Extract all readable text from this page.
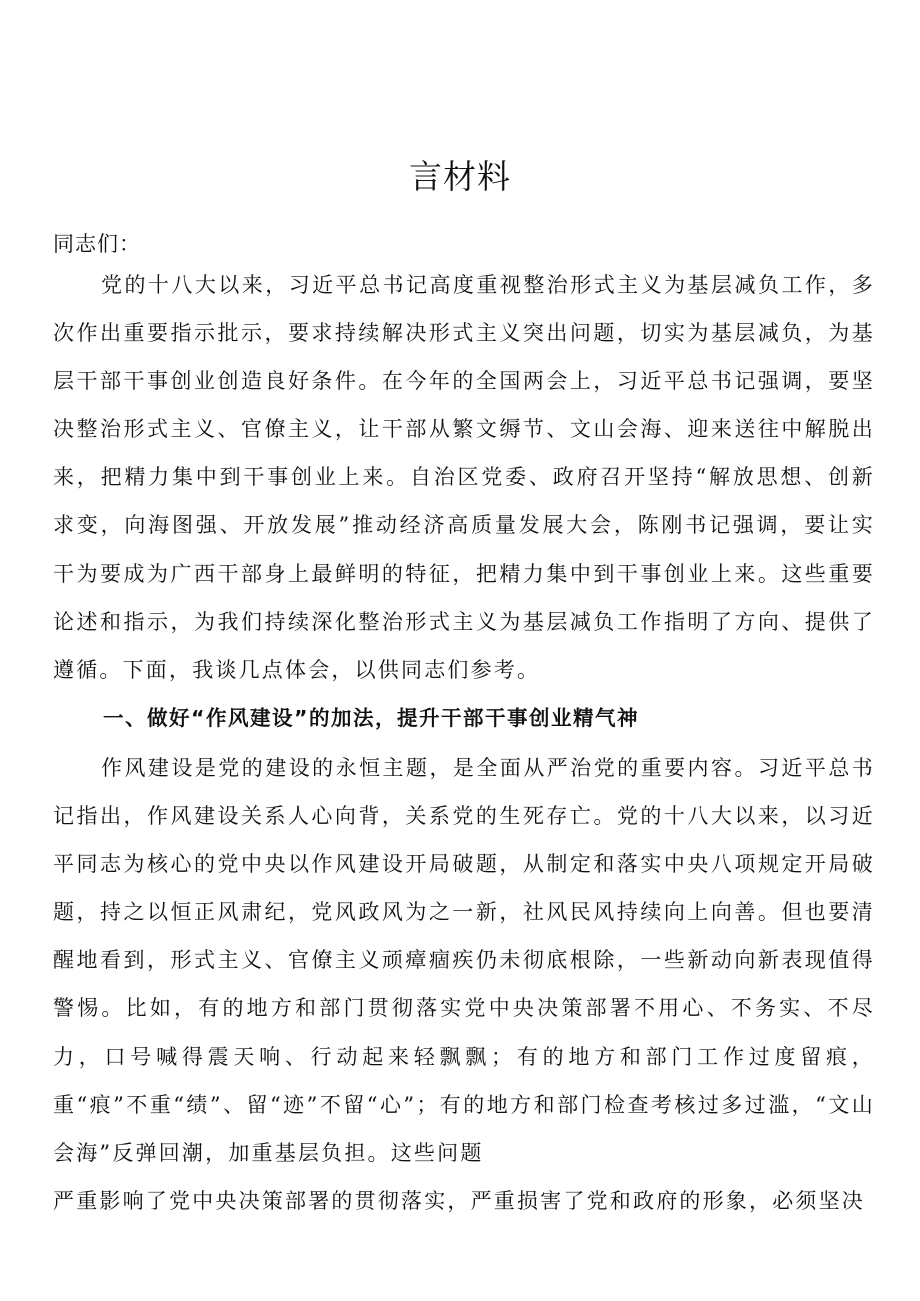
言材料

同志们：

党的十八大以来，习近平总书记高度重视整治形式主义为基层减负工作，多次作出重要指示批示，要求持续解决形式主义突出问题，切实为基层减负，为基层干部干事创业创造良好条件。在今年的全国两会上，习近平总书记强调，要坚决整治形式主义、官僚主义，让干部从繁文缛节、文山会海、迎来送往中解脱出来，把精力集中到干事创业上来。自治区党委、政府召开坚持“解放思想、创新求变，向海图强、开放发展”推动经济高质量发展大会，陈刚书记强调，要让实干为要成为广西干部身上最鲜明的特征，把精力集中到干事创业上来。这些重要论述和指示，为我们持续深化整治形式主义为基层减负工作指明了方向、提供了遵循。下面，我谈几点体会，以供同志们参考。

一、做好“作风建设”的加法，提升干部干事创业精气神

作风建设是党的建设的永恒主题，是全面从严治党的重要内容。习近平总书记指出，作风建设关系人心向背，关系党的生死存亡。党的十八大以来，以习近平同志为核心的党中央以作风建设开局破题，从制定和落实中央八项规定开局破题，持之以恒正风肃纪，党风政风为之一新，社风民风持续向上向善。但也要清醒地看到，形式主义、官僚主义顽瘴痼疾仍未彻底根除，一些新动向新表现值得警惕。比如，有的地方和部门贯彻落实党中央决策部署不用心、不务实、不尽力，口号喊得震天响、行动起来轻飘飘；有的地方和部门工作过度留痕，重“痕”不重“绩”、留“迹”不留“心”；有的地方和部门检查考核过多过滥，“文山会海”反弹回潮，加重基层负担。这些问题

严重影响了党中央决策部署的贯彻落实，严重损害了党和政府的形象，必须坚决
